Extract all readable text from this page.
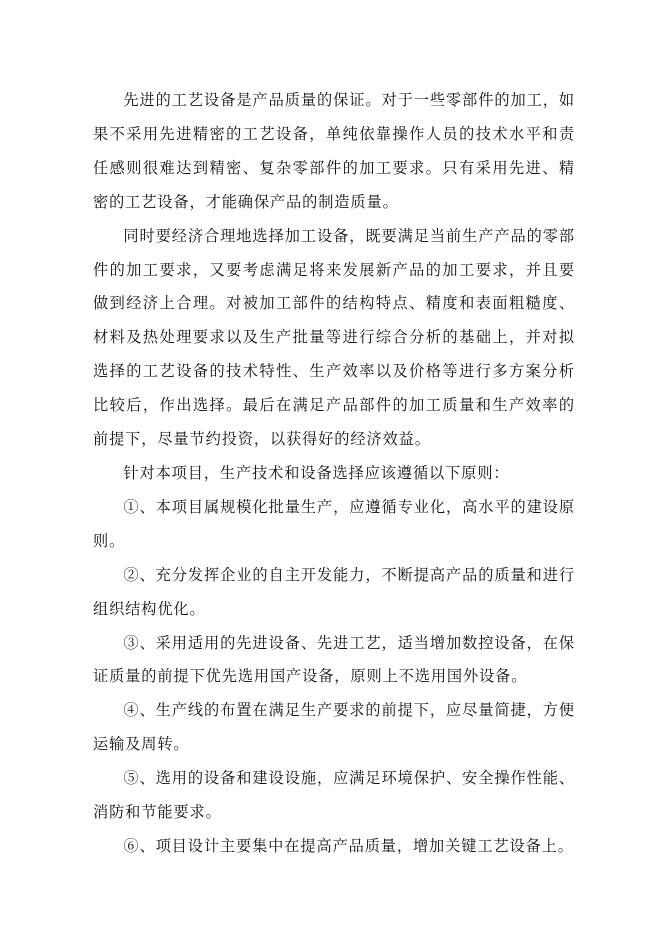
先进的工艺设备是产品质量的保证。对于一些零部件的加工，如果不采用先进精密的工艺设备，单纯依靠操作人员的技术水平和责任感则很难达到精密、复杂零部件的加工要求。只有采用先进、精密的工艺设备，才能确保产品的制造质量。

同时要经济合理地选择加工设备，既要满足当前生产产品的零部件的加工要求，又要考虑满足将来发展新产品的加工要求，并且要做到经济上合理。对被加工部件的结构特点、精度和表面粗糙度、材料及热处理要求以及生产批量等进行综合分析的基础上，并对拟选择的工艺设备的技术特性、生产效率以及价格等进行多方案分析比较后，作出选择。最后在满足产品部件的加工质量和生产效率的前提下，尽量节约投资，以获得好的经济效益。

针对本项目，生产技术和设备选择应该遵循以下原则：

①、本项目属规模化批量生产，应遵循专业化，高水平的建设原则。

②、充分发挥企业的自主开发能力，不断提高产品的质量和进行组织结构优化。

③、采用适用的先进设备、先进工艺，适当增加数控设备，在保证质量的前提下优先选用国产设备，原则上不选用国外设备。

④、生产线的布置在满足生产要求的前提下，应尽量简捷，方便运输及周转。

⑤、选用的设备和建设设施，应满足环境保护、安全操作性能、消防和节能要求。

⑥、项目设计主要集中在提高产品质量，增加关键工艺设备上。
